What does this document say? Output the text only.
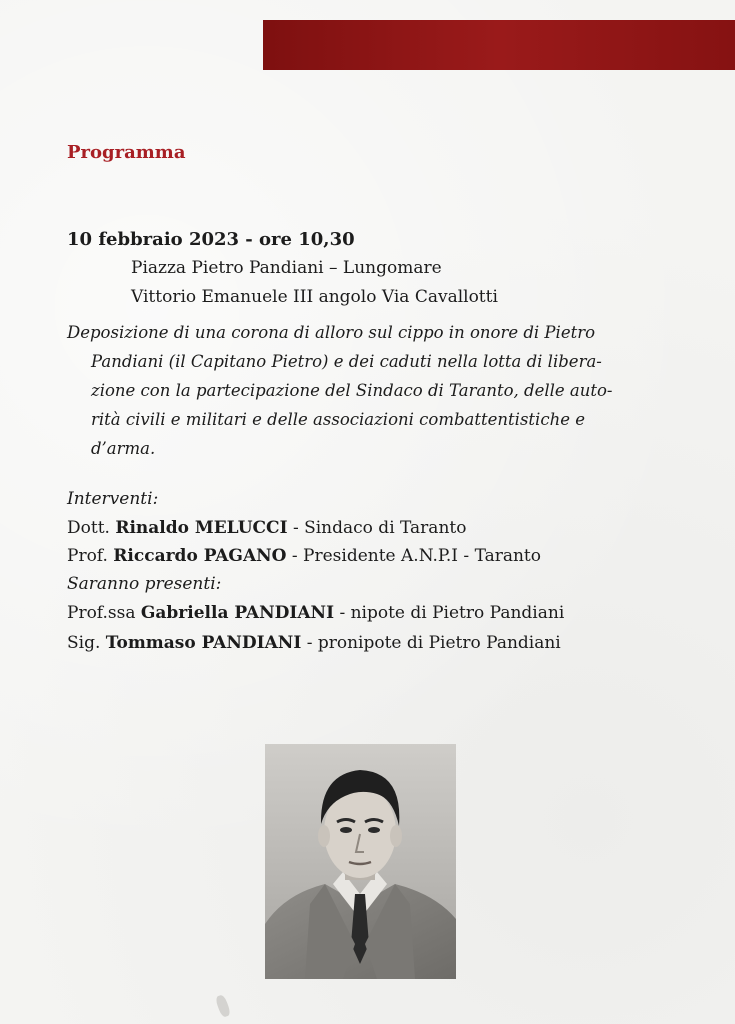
Programma

10 febbraio 2023 - ore 10,30

Piazza Pietro Pandiani – Lungomare

Vittorio Emanuele III angolo Via Cavallotti

Deposizione di una corona di alloro sul cippo in onore di Pietro
Pandiani (il Capitano Pietro) e dei caduti nella lotta di libera-
zione con la partecipazione del Sindaco di Taranto, delle auto-
rità civili e militari e delle associazioni combattentistiche e
d’arma.

Interventi:

Dott. Rinaldo MELUCCI - Sindaco di Taranto

Prof. Riccardo PAGANO - Presidente A.N.P.I - Taranto

Saranno presenti:

Prof.ssa Gabriella PANDIANI - nipote di Pietro Pandiani

Sig. Tommaso PANDIANI - pronipote di Pietro Pandiani
